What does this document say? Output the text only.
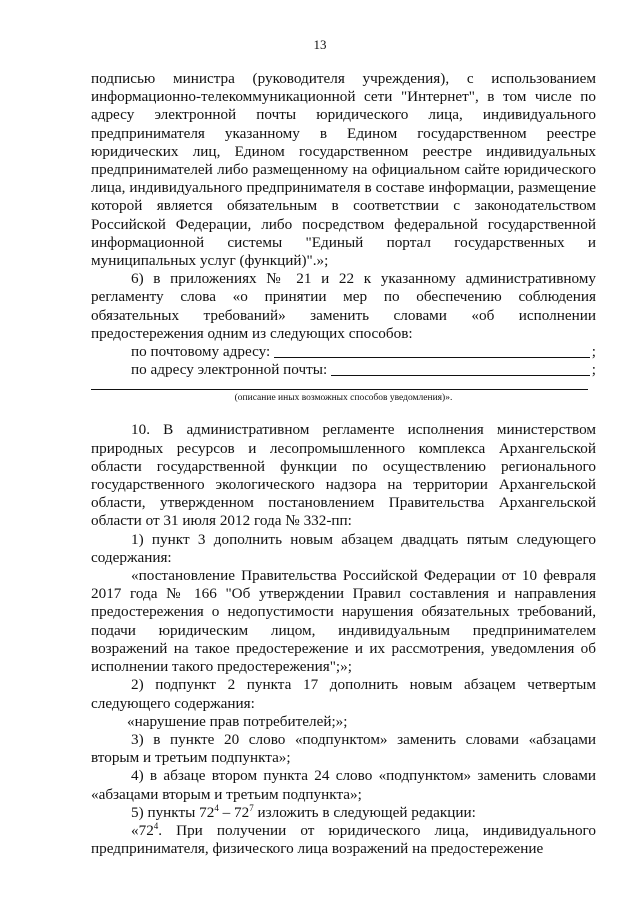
13

подписью министра (руководителя учреждения), с использованием информационно-телекоммуникационной сети "Интернет", в том числе по адресу электронной почты юридического лица, индивидуального предпринимателя указанному в Едином государственном реестре юридических лиц, Едином государственном реестре индивидуальных предпринимателей либо размещенному на официальном сайте юридического лица, индивидуального предпринимателя в составе информации, размещение которой является обязательным в соответствии с законодательством Российской Федерации, либо посредством федеральной государственной информационной системы "Единый портал государственных и муниципальных услуг (функций)".»;

6) в приложениях № 21 и 22 к указанному административному регламенту слова «о принятии мер по обеспечению соблюдения обязательных требований» заменить словами «об исполнении предостережения одним из следующих способов:

по почтовому адресу:	;
по адресу электронной почты:	;
(описание иных возможных способов уведомления)».

10. В административном регламенте исполнения министерством природных ресурсов и лесопромышленного комплекса Архангельской области государственной функции по осуществлению регионального государственного экологического надзора на территории Архангельской области, утвержденном постановлением Правительства Архангельской области от 31 июля 2012 года № 332-пп:

1) пункт 3 дополнить новым абзацем двадцать пятым следующего содержания:

«постановление Правительства Российской Федерации от 10 февраля 2017 года № 166 "Об утверждении Правил составления и направления предостережения о недопустимости нарушения обязательных требований, подачи юридическим лицом, индивидуальным предпринимателем возражений на такое предостережение и их рассмотрения, уведомления об исполнении такого предостережения";»;

2) подпункт 2 пункта 17 дополнить новым абзацем четвертым следующего содержания:

«нарушение прав потребителей;»;

3) в пункте 20 слово «подпунктом» заменить словами «абзацами вторым и третьим подпункта»;

4) в абзаце втором пункта 24 слово «подпунктом» заменить словами «абзацами вторым и третьим подпункта»;

5) пункты $72^4 - 72^7$ изложить в следующей редакции:

«$72^4$. При получении от юридического лица, индивидуального предпринимателя, физического лица возражений на предостережение
